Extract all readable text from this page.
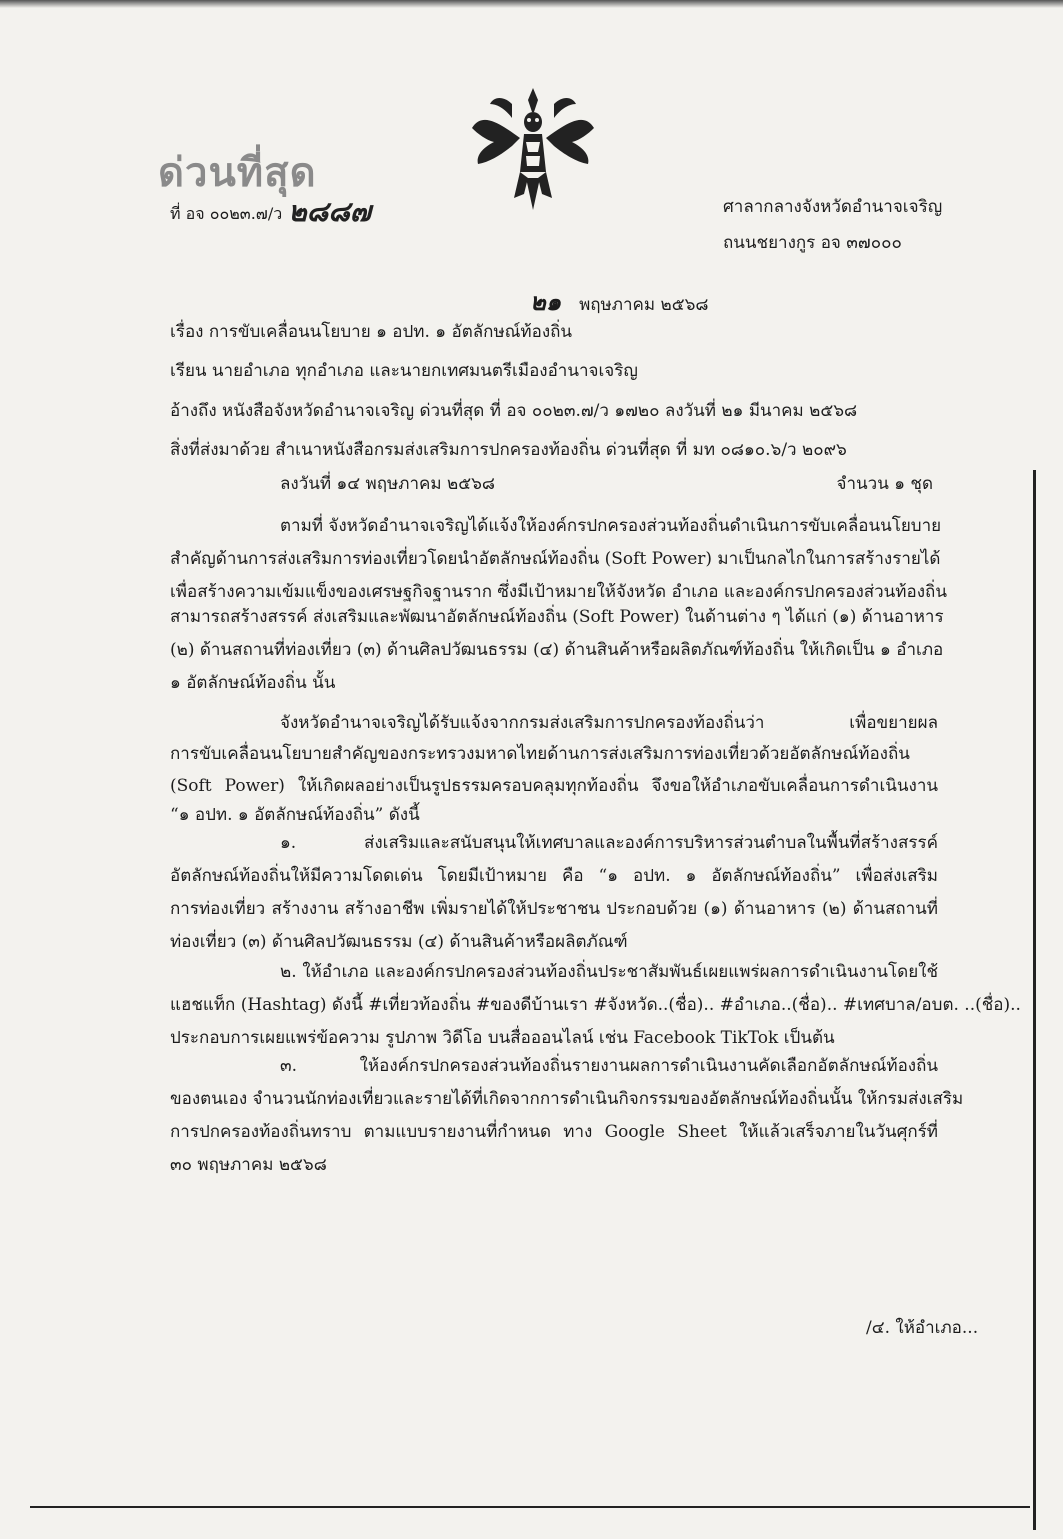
ด่วนที่สุด
ที่ อจ ๐๐๒๓.๗/ว ๒๘๘๗	ศาลากลางจังหวัดอำนาจเจริญ
ถนนชยางกูร อจ ๓๗๐๐๐
๒๑ พฤษภาคม ๒๕๖๘
เรื่อง การขับเคลื่อนนโยบาย ๑ อปท. ๑ อัตลักษณ์ท้องถิ่น
เรียน นายอำเภอ ทุกอำเภอ และนายกเทศมนตรีเมืองอำนาจเจริญ
อ้างถึง หนังสือจังหวัดอำนาจเจริญ ด่วนที่สุด ที่ อจ ๐๐๒๓.๗/ว ๑๗๒๐ ลงวันที่ ๒๑ มีนาคม ๒๕๖๘
สิ่งที่ส่งมาด้วย สำเนาหนังสือกรมส่งเสริมการปกครองท้องถิ่น ด่วนที่สุด ที่ มท ๐๘๑๐.๖/ว ๒๐๙๖
ลงวันที่ ๑๔ พฤษภาคม ๒๕๖๘	จำนวน ๑ ชุด
ตามที่ จังหวัดอำนาจเจริญได้แจ้งให้องค์กรปกครองส่วนท้องถิ่นดำเนินการขับเคลื่อนนโยบาย
สำคัญด้านการส่งเสริมการท่องเที่ยวโดยนำอัตลักษณ์ท้องถิ่น (Soft Power) มาเป็นกลไกในการสร้างรายได้
เพื่อสร้างความเข้มแข็งของเศรษฐกิจฐานราก ซึ่งมีเป้าหมายให้จังหวัด อำเภอ และองค์กรปกครองส่วนท้องถิ่น
สามารถสร้างสรรค์ ส่งเสริมและพัฒนาอัตลักษณ์ท้องถิ่น (Soft Power) ในด้านต่าง ๆ ได้แก่ (๑) ด้านอาหาร
(๒) ด้านสถานที่ท่องเที่ยว (๓) ด้านศิลปวัฒนธรรม (๔) ด้านสินค้าหรือผลิตภัณฑ์ท้องถิ่น ให้เกิดเป็น ๑ อำเภอ
๑ อัตลักษณ์ท้องถิ่น นั้น
จังหวัดอำนาจเจริญได้รับแจ้งจากกรมส่งเสริมการปกครองท้องถิ่นว่า เพื่อขยายผล
การขับเคลื่อนนโยบายสำคัญของกระทรวงมหาดไทยด้านการส่งเสริมการท่องเที่ยวด้วยอัตลักษณ์ท้องถิ่น
(Soft Power) ให้เกิดผลอย่างเป็นรูปธรรมครอบคลุมทุกท้องถิ่น จึงขอให้อำเภอขับเคลื่อนการดำเนินงาน
“๑ อปท. ๑ อัตลักษณ์ท้องถิ่น” ดังนี้
๑. ส่งเสริมและสนับสนุนให้เทศบาลและองค์การบริหารส่วนตำบลในพื้นที่สร้างสรรค์
อัตลักษณ์ท้องถิ่นให้มีความโดดเด่น โดยมีเป้าหมาย คือ “๑ อปท. ๑ อัตลักษณ์ท้องถิ่น” เพื่อส่งเสริม
การท่องเที่ยว สร้างงาน สร้างอาชีพ เพิ่มรายได้ให้ประชาชน ประกอบด้วย (๑) ด้านอาหาร (๒) ด้านสถานที่
ท่องเที่ยว (๓) ด้านศิลปวัฒนธรรม (๔) ด้านสินค้าหรือผลิตภัณฑ์
๒. ให้อำเภอ และองค์กรปกครองส่วนท้องถิ่นประชาสัมพันธ์เผยแพร่ผลการดำเนินงานโดยใช้
แฮชแท็ก (Hashtag) ดังนี้ #เที่ยวท้องถิ่น #ของดีบ้านเรา #จังหวัด..(ชื่อ).. #อำเภอ..(ชื่อ).. #เทศบาล/อบต. ..(ชื่อ)..
ประกอบการเผยแพร่ข้อความ รูปภาพ วิดีโอ บนสื่อออนไลน์ เช่น Facebook TikTok เป็นต้น
๓. ให้องค์กรปกครองส่วนท้องถิ่นรายงานผลการดำเนินงานคัดเลือกอัตลักษณ์ท้องถิ่น
ของตนเอง จำนวนนักท่องเที่ยวและรายได้ที่เกิดจากการดำเนินกิจกรรมของอัตลักษณ์ท้องถิ่นนั้น ให้กรมส่งเสริม
การปกครองท้องถิ่นทราบ ตามแบบรายงานที่กำหนด ทาง Google Sheet ให้แล้วเสร็จภายในวันศุกร์ที่
๓๐ พฤษภาคม ๒๕๖๘
/๔. ให้อำเภอ...
